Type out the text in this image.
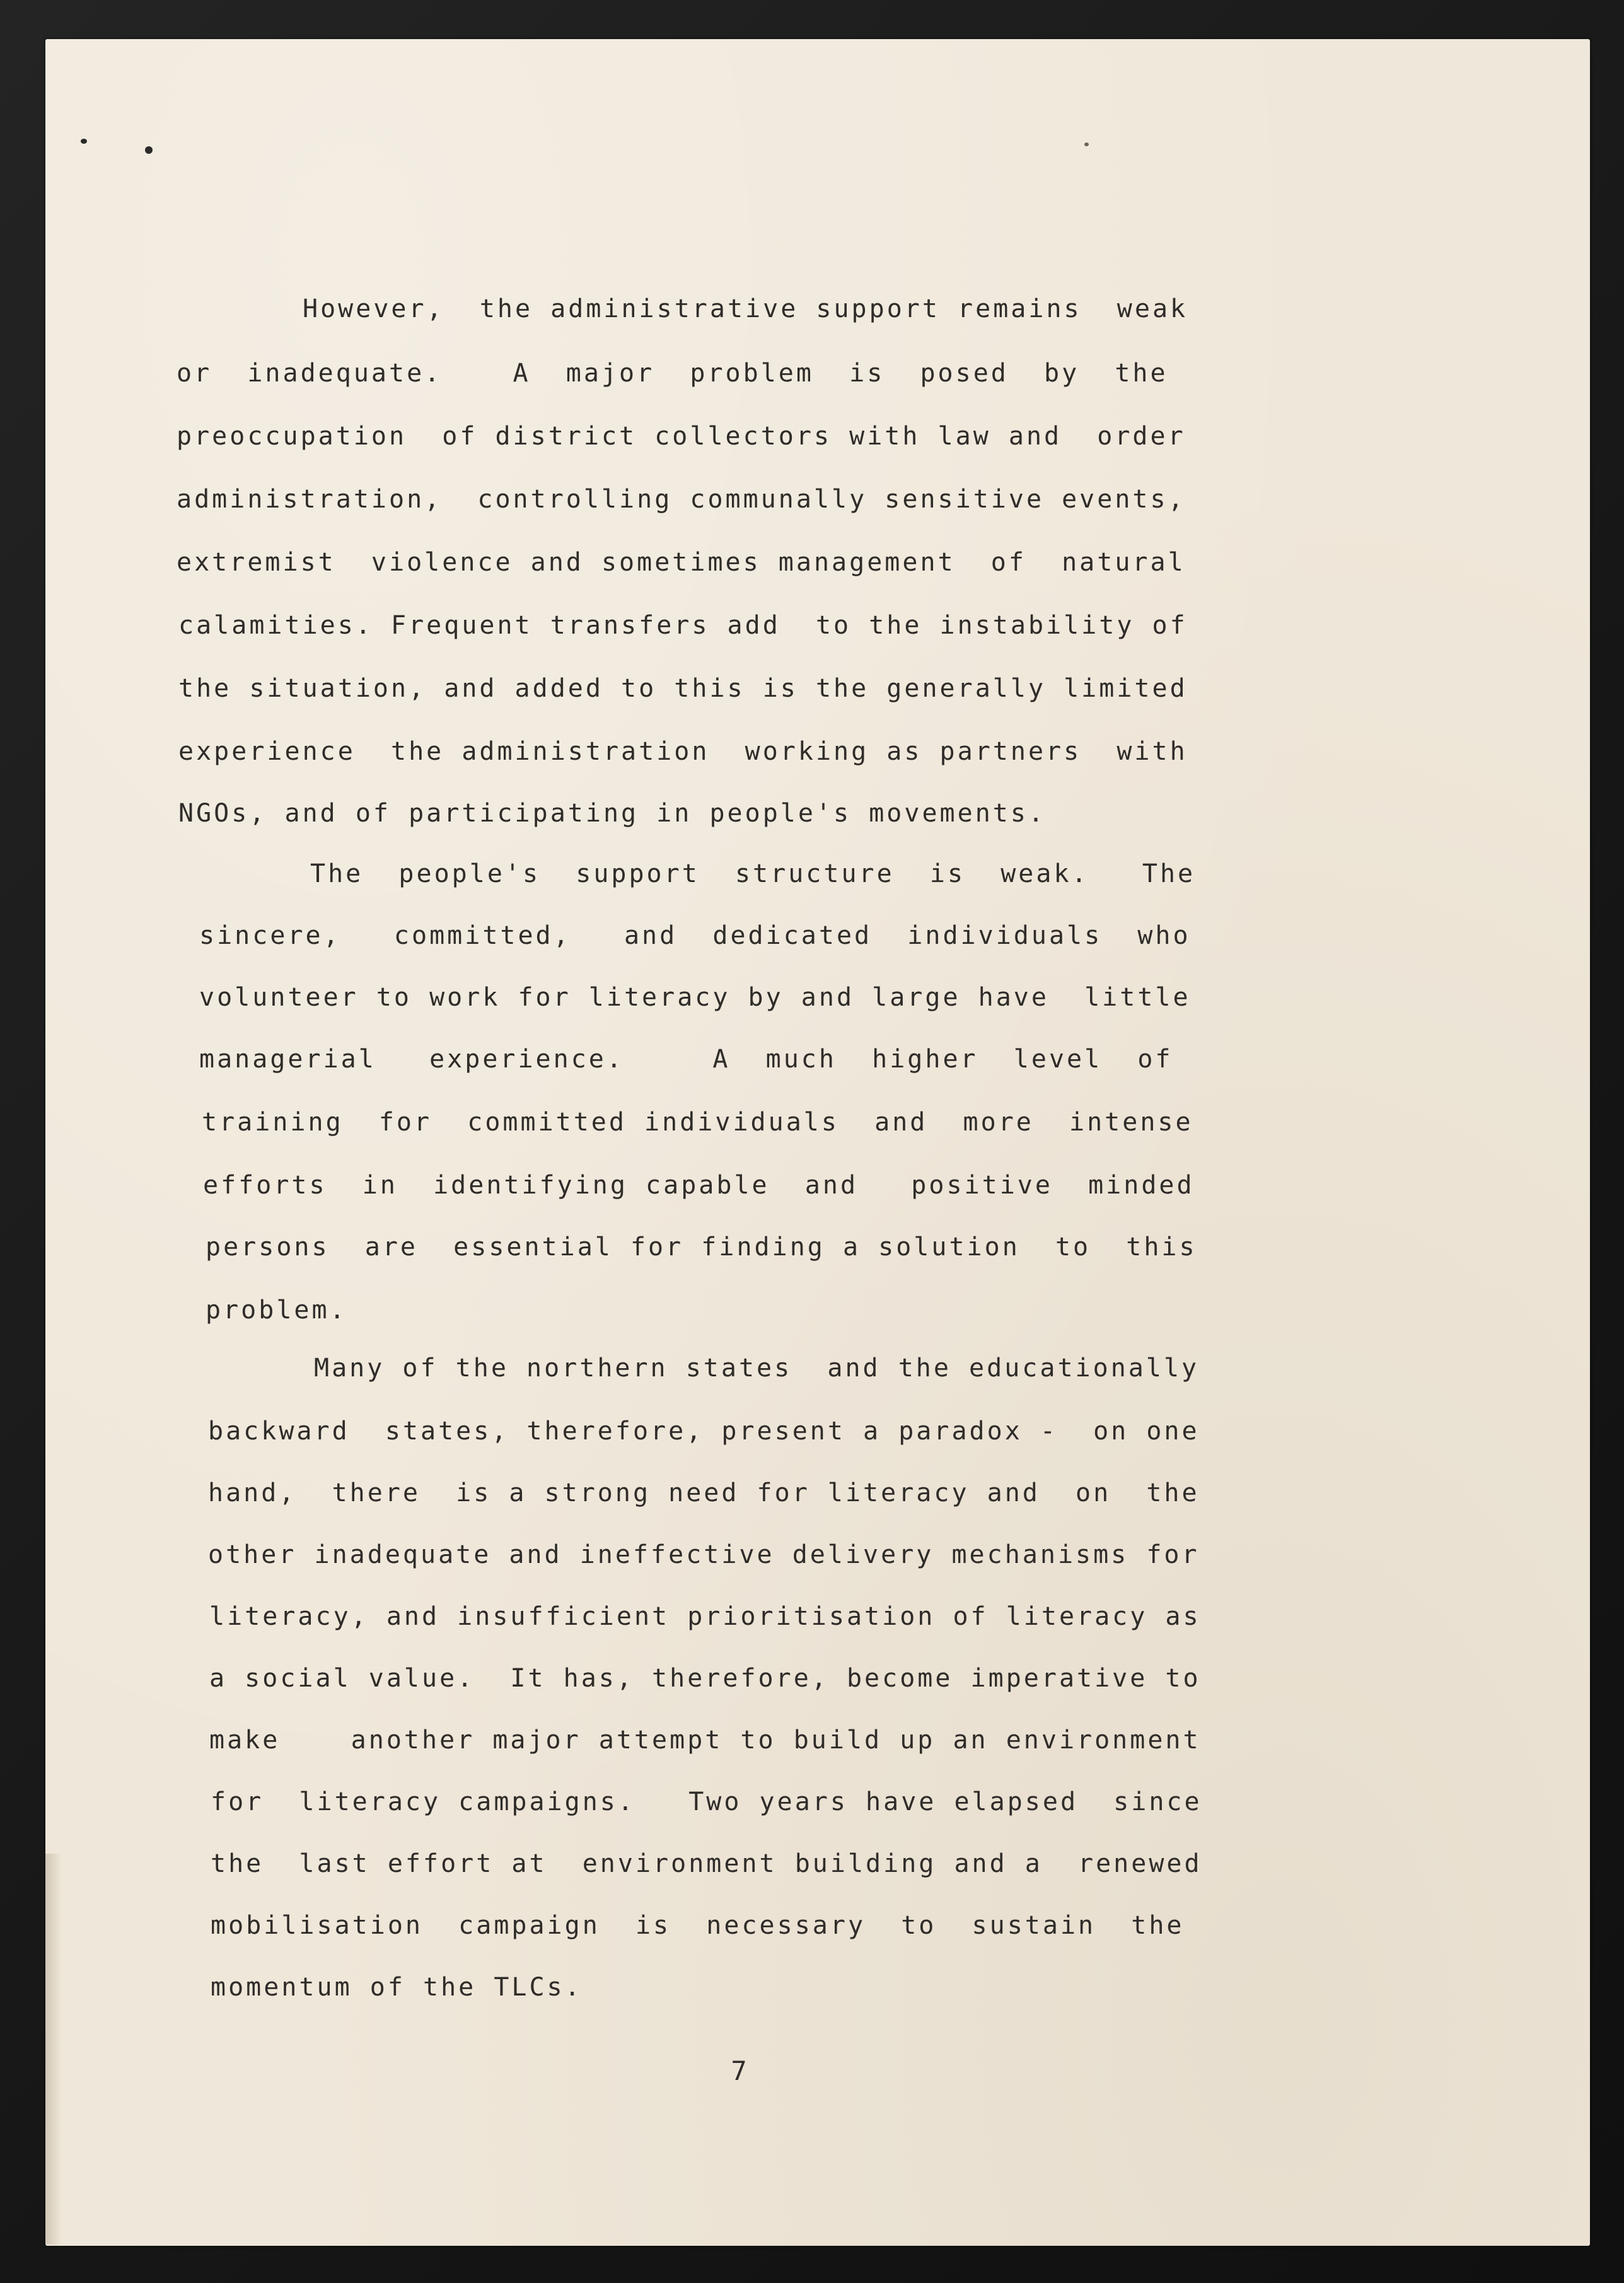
However,  the administrative support remains  weak
or  inadequate.    A  major  problem  is  posed  by  the
preoccupation  of district collectors with law and  order
administration,  controlling communally sensitive events,
extremist  violence and sometimes management  of  natural
calamities. Frequent transfers add  to the instability of
the situation, and added to this is the generally limited
experience  the administration  working as partners  with
NGOs, and of participating in people's movements.
The  people's  support  structure  is  weak.   The
sincere,   committed,   and  dedicated  individuals  who
volunteer to work for literacy by and large have  little
managerial   experience.     A  much  higher  level  of
training  for  committed individuals  and  more  intense
efforts  in  identifying capable  and   positive  minded
persons  are  essential for finding a solution  to  this
problem.
Many of the northern states  and the educationally
backward  states, therefore, present a paradox -  on one
hand,  there  is a strong need for literacy and  on  the
other inadequate and ineffective delivery mechanisms for
literacy, and insufficient prioritisation of literacy as
a social value.  It has, therefore, become imperative to
make    another major attempt to build up an environment
for  literacy campaigns.   Two years have elapsed  since
the  last effort at  environment building and a  renewed
mobilisation  campaign  is  necessary  to  sustain  the
momentum of the TLCs.
7
